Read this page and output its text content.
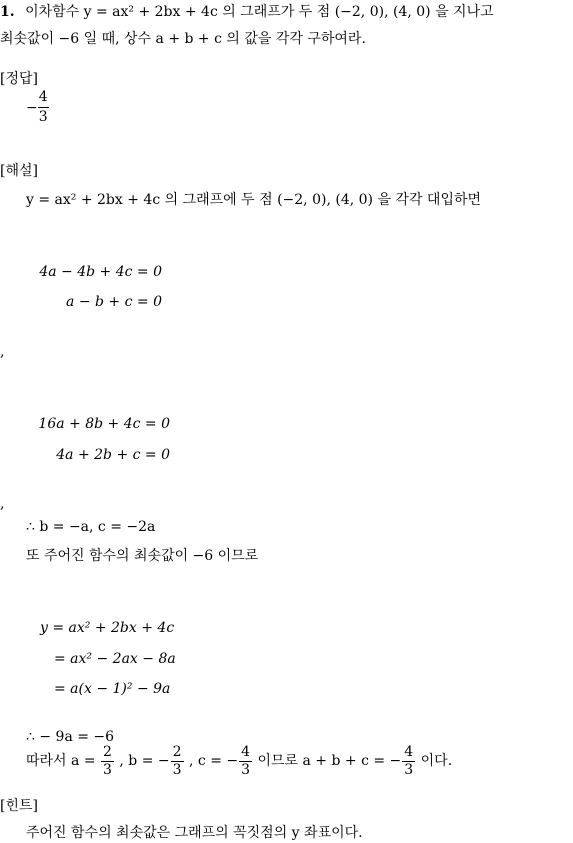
1. 이차함수 y = ax² + 2bx + 4c 의 그래프가 두 점 (−2, 0), (4, 0) 을 지나고
최솟값이 −6 일 때, 상수 a + b + c 의 값을 각각 구하여라.
[정답]
− $\frac{4}{3}$
[해설]
y = ax² + 2bx + 4c 의 그래프에 두 점 (−2, 0), (4, 0) 을 각각 대입하면
4a − 4b + 4c = 0
a − b + c = 0
,
16a + 8b + 4c = 0
4a + 2b + c = 0
,
∴ b = −a, c = −2a
또 주어진 함수의 최솟값이 −6 이므로
y = ax² + 2bx + 4c
= ax² − 2ax − 8a
= a(x − 1)² − 9a
∴ − 9a = −6
따라서 $a = \frac{2}{3}$ , b = − $\frac{2}{3}$ , c = − $\frac{4}{3}$ 이므로 a + b + c = − $\frac{4}{3}$ 이다.
[힌트]
주어진 함수의 최솟값은 그래프의 꼭짓점의 y 좌표이다.
